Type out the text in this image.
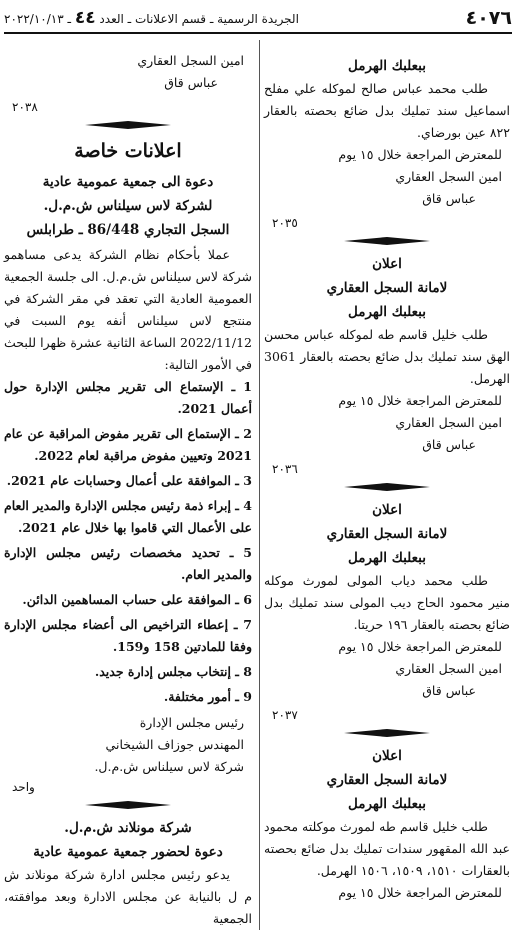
٤٠٧٦
الجريدة الرسمية ـ قسم الاعلانات ـ العدد ٤٤ ـ ٢٠٢٢/١٠/١٣

ببعلبك الهرمل

طلب محمد عباس صالح لموكله علي مفلح اسماعيل سند تمليك بدل ضائع بحصته بالعقار ٨٢٢ عين بورضاي.

للمعترض المراجعة خلال ١٥ يوم

امين السجل العقاري

عباس قاق

٢٠٣٥

اعلان

لامانة السجل العقاري

ببعلبك الهرمل

طلب خليل قاسم طه لموكله عباس محسن الهق سند تمليك بدل ضائع بحصته بالعقار 3061 الهرمل.

للمعترض المراجعة خلال ١٥ يوم

امين السجل العقاري

عباس قاق

٢٠٣٦

اعلان

لامانة السجل العقاري

ببعلبك الهرمل

طلب محمد دياب المولى لمورث موكله منير محمود الحاج ديب المولى سند تمليك بدل ضائع بحصته بالعقار ١٩٦ حريتا.

للمعترض المراجعة خلال ١٥ يوم

امين السجل العقاري

عباس قاق

٢٠٣٧

اعلان

لامانة السجل العقاري

ببعلبك الهرمل

طلب خليل قاسم طه لمورث موكلته محمود عبد الله المقهور سندات تمليك بدل ضائع بحصته بالعقارات ١٥١٠، ١٥٠٩، ١٥٠٦ الهرمل.

للمعترض المراجعة خلال ١٥ يوم

امين السجل العقاري

عباس قاق

٢٠٣٨

اعلانات خاصة

دعوة الى جمعية عمومية عادية

لشركة لاس سيلناس ش.م.ل.

السجل التجاري 86/448 ـ طرابلس

عملا بأحكام نظام الشركة يدعى مساهمو شركة لاس سيلناس ش.م.ل. الى جلسة الجمعية العمومية العادية التي تعقد في مقر الشركة في منتجع لاس سيلناس أنفه يوم السبت في 2022/11/12 الساعة الثانية عشرة ظهرا للبحث في الأمور التالية:

1 ـ الإستماع الى تقرير مجلس الإدارة حول أعمال 2021.

2 ـ الإستماع الى تقرير مفوض المراقبة عن عام 2021 وتعيين مفوض مراقبة لعام 2022.

3 ـ الموافقة على أعمال وحسابات عام 2021.

4 ـ إبراء ذمة رئيس مجلس الإدارة والمدير العام على الأعمال التي قاموا بها خلال عام 2021.

5 ـ تحديد مخصصات رئيس مجلس الإدارة والمدير العام.

6 ـ الموافقة على حساب المساهمين الدائن.

7 ـ إعطاء التراخيص الى أعضاء مجلس الإدارة وفقا للمادتين 158 و159.

8 ـ إنتخاب مجلس إدارة جديد.

9 ـ أمور مختلفة.

رئيس مجلس الإدارة

المهندس جوزاف الشيخاني

شركة لاس سيلناس ش.م.ل.

واحد

شركة مونلاند ش.م.ل.

دعوة لحضور جمعية عمومية عادية

يدعو رئيس مجلس ادارة شركة مونلاند ش م ل بالنيابة عن مجلس الادارة وبعد موافقته، الجمعية
